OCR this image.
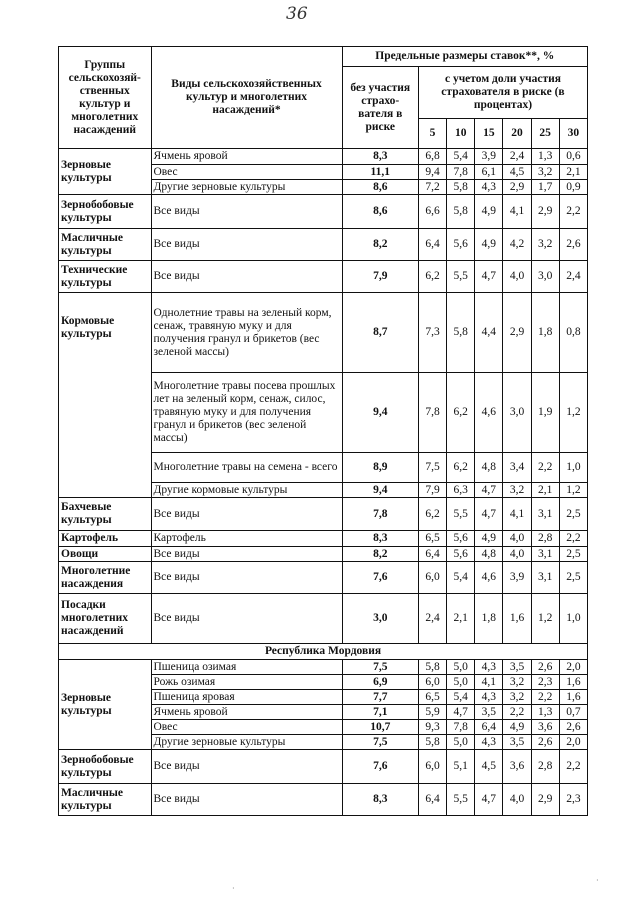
36
Группы сельскохозяй-ственных культур и многолетних насаждений	Виды сельскохозяйственных культур и многолетних насаждений*	Предельные размеры ставок**, %						
		без участия страхо-вателя в риске	с учетом доли участия страхователя в риске (в процентах)					
			5	10	15	20	25	30
Зерновые культуры	Ячмень яровой	8,3	6,8	5,4	3,9	2,4	1,3	0,6
	Овес	11,1	9,4	7,8	6,1	4,5	3,2	2,1
	Другие зерновые культуры	8,6	7,2	5,8	4,3	2,9	1,7	0,9
Зернобобовые культуры	Все виды	8,6	6,6	5,8	4,9	4,1	2,9	2,2
Масличные культуры	Все виды	8,2	6,4	5,6	4,9	4,2	3,2	2,6
Технические культуры	Все виды	7,9	6,2	5,5	4,7	4,0	3,0	2,4
Кормовые культуры	Однолетние травы на зеленый корм, сенаж, травяную муку и для получения гранул и брикетов (вес зеленой массы)	8,7	7,3	5,8	4,4	2,9	1,8	0,8
	Многолетние травы посева прошлых лет на зеленый корм, сенаж, силос, травяную муку и для получения гранул и брикетов (вес зеленой массы)	9,4	7,8	6,2	4,6	3,0	1,9	1,2
	Многолетние травы на семена - всего	8,9	7,5	6,2	4,8	3,4	2,2	1,0
	Другие кормовые культуры	9,4	7,9	6,3	4,7	3,2	2,1	1,2
Бахчевые культуры	Все виды	7,8	6,2	5,5	4,7	4,1	3,1	2,5
Картофель	Картофель	8,3	6,5	5,6	4,9	4,0	2,8	2,2
Овощи	Все виды	8,2	6,4	5,6	4,8	4,0	3,1	2,5
Многолетние насаждения	Все виды	7,6	6,0	5,4	4,6	3,9	3,1	2,5
Посадки многолетних насаждений	Все виды	3,0	2,4	2,1	1,8	1,6	1,2	1,0
Республика Мордовия								
Зерновые культуры	Пшеница озимая	7,5	5,8	5,0	4,3	3,5	2,6	2,0
	Рожь озимая	6,9	6,0	5,0	4,1	3,2	2,3	1,6
	Пшеница яровая	7,7	6,5	5,4	4,3	3,2	2,2	1,6
	Ячмень яровой	7,1	5,9	4,7	3,5	2,2	1,3	0,7
	Овес	10,7	9,3	7,8	6,4	4,9	3,6	2,6
	Другие зерновые культуры	7,5	5,8	5,0	4,3	3,5	2,6	2,0
Зернобобовые культуры	Все виды	7,6	6,0	5,1	4,5	3,6	2,8	2,2
Масличные культуры	Все виды	8,3	6,4	5,5	4,7	4,0	2,9	2,3
·
·
